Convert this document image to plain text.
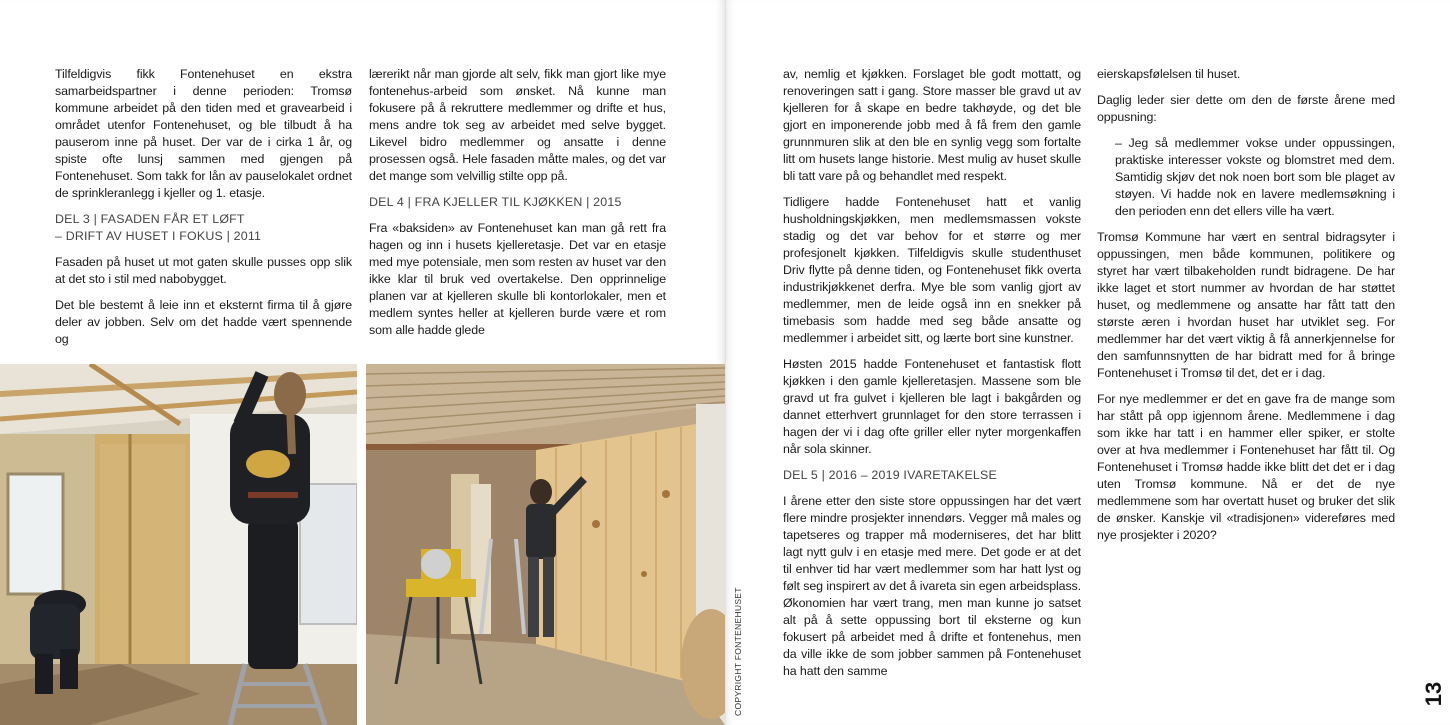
Tilfeldigvis fikk Fontenehuset en ekstra samarbeidspartner i denne perioden: Tromsø kommune arbeidet på den tiden med et gravearbeid i området utenfor Fontenehuset, og ble tilbudt å ha pauserom inne på huset. Der var de i cirka 1 år, og spiste ofte lunsj sammen med gjengen på Fontenehuset. Som takk for lån av pauselokalet ordnet de sprinkleranlegg i kjeller og 1. etasje.

DEL 3 | FASADEN FÅR ET LØFT
– DRIFT AV HUSET I FOKUS | 2011

Fasaden på huset ut mot gaten skulle pusses opp slik at det sto i stil med nabobygget.

Det ble bestemt å leie inn et eksternt firma til å gjøre deler av jobben. Selv om det hadde vært spennende og

lærerikt når man gjorde alt selv, fikk man gjort like mye fontenehus-arbeid som ønsket. Nå kunne man fokusere på å rekruttere medlemmer og drifte et hus, mens andre tok seg av arbeidet med selve bygget. Likevel bidro medlemmer og ansatte i denne prosessen også. Hele fasaden måtte males, og det var det mange som velvillig stilte opp på.

DEL 4 | FRA KJELLER TIL KJØKKEN | 2015

Fra «baksiden» av Fontenehuset kan man gå rett fra hagen og inn i husets kjelleretasje. Det var en etasje med mye potensiale, men som resten av huset var den ikke klar til bruk ved overtakelse. Den opprinnelige planen var at kjelleren skulle bli kontorlokaler, men et medlem syntes heller at kjelleren burde være et rom som alle hadde glede

av, nemlig et kjøkken. Forslaget ble godt mottatt, og renoveringen satt i gang. Store masser ble gravd ut av kjelleren for å skape en bedre takhøyde, og det ble gjort en imponerende jobb med å få frem den gamle grunnmuren slik at den ble en synlig vegg som fortalte litt om husets lange historie. Mest mulig av huset skulle bli tatt vare på og behandlet med respekt.

Tidligere hadde Fontenehuset hatt et vanlig husholdningskjøkken, men medlemsmassen vokste stadig og det var behov for et større og mer profesjonelt kjøkken. Tilfeldigvis skulle studenthuset Driv flytte på denne tiden, og Fontenehuset fikk overta industrikjøkkenet derfra. Mye ble som vanlig gjort av medlemmer, men de leide også inn en snekker på timebasis som hadde med seg både ansatte og medlemmer i arbeidet sitt, og lærte bort sine kunstner.

Høsten 2015 hadde Fontenehuset et fantastisk flott kjøkken i den gamle kjelleretasjen. Massene som ble gravd ut fra gulvet i kjelleren ble lagt i bakgården og dannet etterhvert grunnlaget for den store terrassen i hagen der vi i dag ofte griller eller nyter morgenkaffen når sola skinner.

DEL 5 | 2016 – 2019 IVARETAKELSE

I årene etter den siste store oppussingen har det vært flere mindre prosjekter innendørs. Vegger må males og tapetseres og trapper må moderniseres, det har blitt lagt nytt gulv i en etasje med mere. Det gode er at det til enhver tid har vært medlemmer som har hatt lyst og følt seg inspirert av det å ivareta sin egen arbeidsplass. Økonomien har vært trang, men man kunne jo satset alt på å sette oppussing bort til eksterne og kun fokusert på arbeidet med å drifte et fontenehus, men da ville ikke de som jobber sammen på Fontenehuset ha hatt den samme

eierskapsfølelsen til huset.

Daglig leder sier dette om den de første årene med oppusning:

– Jeg så medlemmer vokse under oppussingen, praktiske interesser vokste og blomstret med dem. Samtidig skjøv det nok noen bort som ble plaget av støyen. Vi hadde nok en lavere medlemsøkning i den perioden enn det ellers ville ha vært.

Tromsø Kommune har vært en sentral bidragsyter i oppussingen, men både kommunen, politikere og styret har vært tilbakeholden rundt bidragene. De har ikke laget et stort nummer av hvordan de har støttet huset, og medlemmene og ansatte har fått tatt den største æren i hvordan huset har utviklet seg. For medlemmer har det vært viktig å få annerkjennelse for den samfunnsnytten de har bidratt med for å bringe Fontenehuset i Tromsø til det, det er i dag.

For nye medlemmer er det en gave fra de mange som har stått på opp igjennom årene. Medlemmene i dag som ikke har tatt i en hammer eller spiker, er stolte over at hva medlemmer i Fontenehuset har fått til. Og Fontenehuset i Tromsø hadde ikke blitt det det er i dag uten Tromsø kommune. Nå er det de nye medlemmene som har overtatt huset og bruker det slik de ønsker. Kanskje vil «tradisjonen» videreføres med nye prosjekter i 2020?

COPYRIGHT FONTENEHUSET	13
